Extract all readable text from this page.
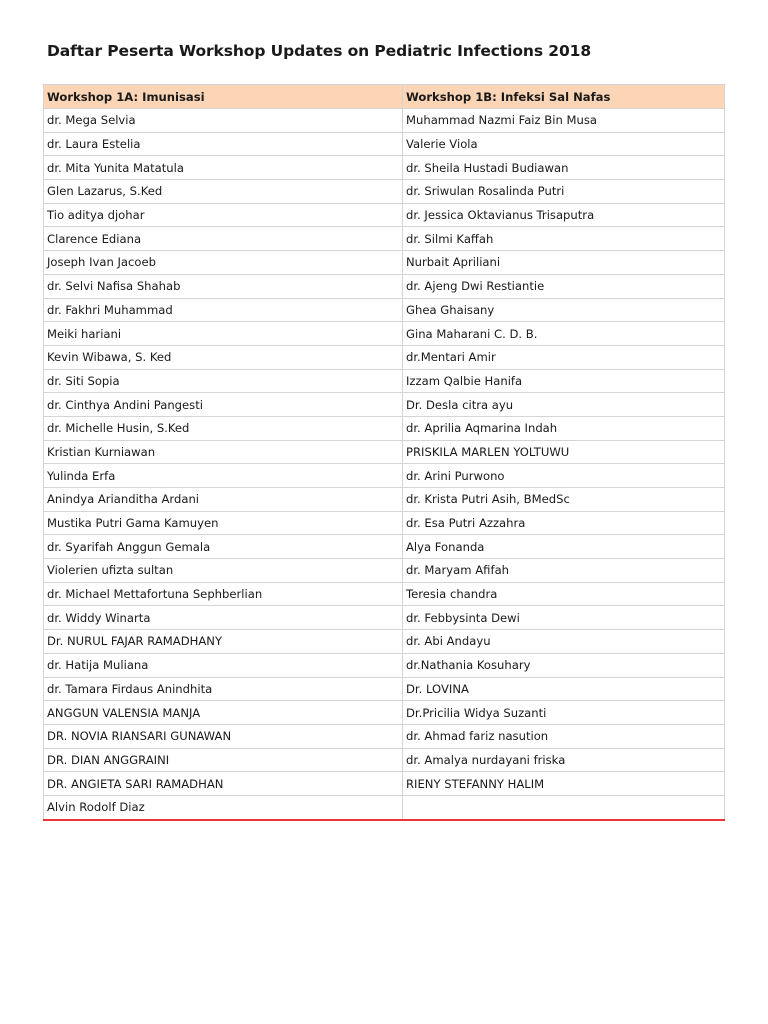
Daftar Peserta Workshop Updates on Pediatric Infections 2018
Workshop 1A: Imunisasi	Workshop 1B: Infeksi Sal Nafas
dr. Mega Selvia	Muhammad Nazmi Faiz Bin Musa
dr. Laura Estelia	Valerie Viola
dr. Mita Yunita Matatula	dr. Sheila Hustadi Budiawan
Glen Lazarus, S.Ked	dr. Sriwulan Rosalinda Putri
Tio aditya djohar	dr. Jessica Oktavianus Trisaputra
Clarence Ediana	dr. Silmi Kaffah
Joseph Ivan Jacoeb	Nurbait Apriliani
dr. Selvi Nafisa Shahab	dr. Ajeng Dwi Restiantie
dr. Fakhri Muhammad	Ghea Ghaisany
Meiki hariani	Gina Maharani C. D. B.
Kevin Wibawa, S. Ked	dr.Mentari Amir
dr. Siti Sopia	Izzam Qalbie Hanifa
dr. Cinthya Andini Pangesti	Dr. Desla citra ayu
dr. Michelle Husin, S.Ked	dr. Aprilia Aqmarina Indah
Kristian Kurniawan	PRISKILA MARLEN YOLTUWU
Yulinda Erfa	dr. Arini Purwono
Anindya Arianditha Ardani	dr. Krista Putri Asih, BMedSc
Mustika Putri Gama Kamuyen	dr. Esa Putri Azzahra
dr. Syarifah Anggun Gemala	Alya Fonanda
Violerien ufizta sultan	dr. Maryam Afifah
dr. Michael Mettafortuna Sephberlian	Teresia chandra
dr. Widdy Winarta	dr. Febbysinta Dewi
Dr. NURUL FAJAR RAMADHANY	dr. Abi Andayu
dr. Hatija Muliana	dr.Nathania Kosuhary
dr. Tamara Firdaus Anindhita	Dr. LOVINA
ANGGUN VALENSIA MANJA	Dr.Pricilia Widya Suzanti
DR. NOVIA RIANSARI GUNAWAN	dr. Ahmad fariz nasution
DR. DIAN ANGGRAINI	dr. Amalya nurdayani friska
DR. ANGIETA SARI RAMADHAN	RIENY STEFANNY HALIM
Alvin Rodolf Diaz	
